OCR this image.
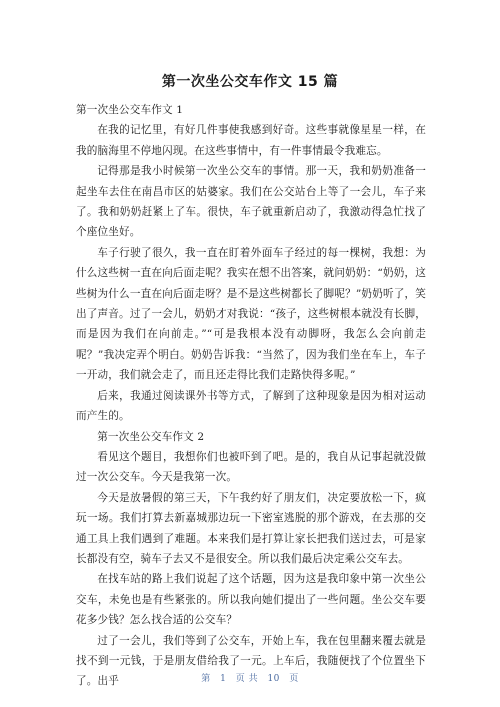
第一次坐公交车作文 15 篇

第一次坐公交车作文 1

在我的记忆里，有好几件事使我感到好奇。这些事就像星星一样，在我的脑海里不停地闪现。在这些事情中，有一件事情最令我难忘。

记得那是我小时候第一次坐公交车的事情。那一天，我和奶奶准备一起坐车去住在南昌市区的姑婆家。我们在公交站台上等了一会儿，车子来了。我和奶奶赶紧上了车。很快，车子就重新启动了，我激动得急忙找了个座位坐好。

车子行驶了很久，我一直在盯着外面车子经过的每一棵树，我想：为什么这些树一直在向后面走呢？我实在想不出答案，就问奶奶：“奶奶，这些树为什么一直在向后面走呀？是不是这些树都长了脚呢？”奶奶听了，笑出了声音。过了一会儿，奶奶才对我说：“孩子，这些树根本就没有长脚，而是因为我们在向前走。”“可是我根本没有动脚呀，我怎么会向前走呢？”我决定弄个明白。奶奶告诉我：“当然了，因为我们坐在车上，车子一开动，我们就会走了，而且还走得比我们走路快得多呢。”

后来，我通过阅读课外书等方式，了解到了这种现象是因为相对运动而产生的。

第一次坐公交车作文 2

看见这个题目，我想你们也被吓到了吧。是的，我自从记事起就没做过一次公交车。今天是我第一次。

今天是放暑假的第三天，下午我约好了朋友们，决定要放松一下，疯玩一场。我们打算去新嘉城那边玩一下密室逃脱的那个游戏，在去那的交通工具上我们遇到了难题。本来我们是打算让家长把我们送过去，可是家长都没有空，骑车子去又不是很安全。所以我们最后决定乘公交车去。

在找车站的路上我们说起了这个话题，因为这是我印象中第一次坐公交车，未免也是有些紧张的。所以我向她们提出了一些问题。坐公交车要花多少钱？怎么找合适的公交车？

过了一会儿，我们等到了公交车，开始上车，我在包里翻来覆去就是找不到一元钱，于是朋友借给我了一元。上车后，我随便找了个位置坐下了。出乎	第 1 页 共 10 页
